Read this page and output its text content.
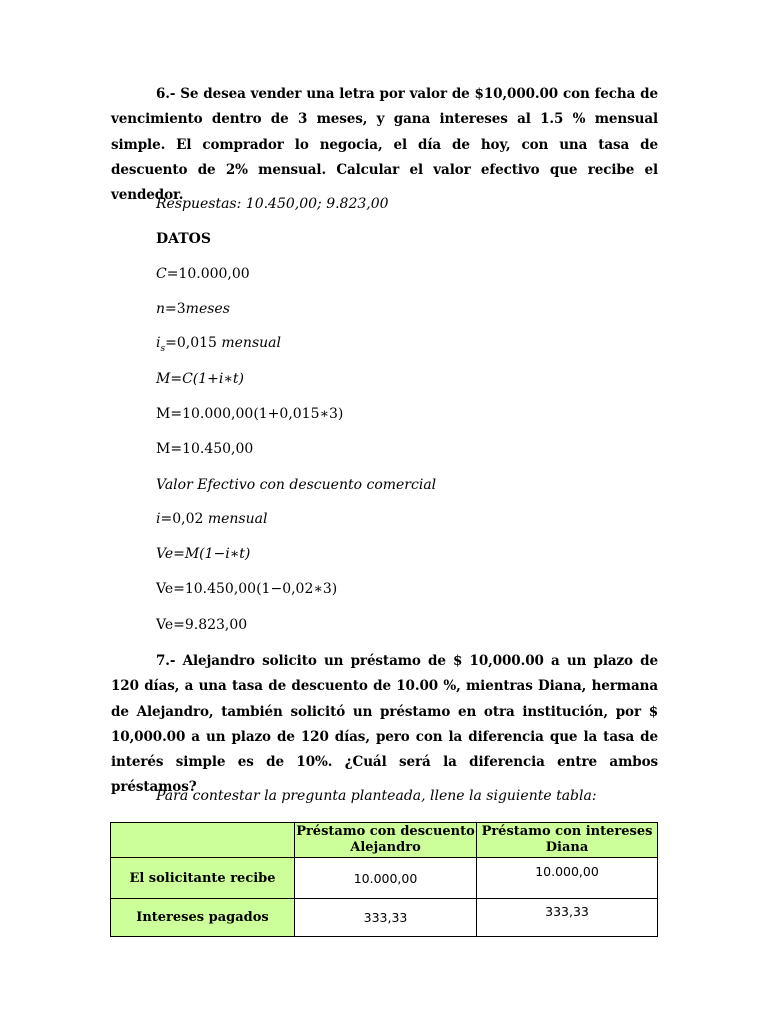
6.- Se desea vender una letra por valor de $10,000.00 con fecha de vencimiento dentro de 3 meses, y gana intereses al 1.5 % mensual simple. El comprador lo negocia, el día de hoy, con una tasa de descuento de 2% mensual. Calcular el valor efectivo que recibe el vendedor.
Respuestas: 10.450,00; 9.823,00
DATOS
C=10.000,00
n=3meses
$i_s=0,015$ mensual
M=C(1+i∗t)
M=10.000,00(1+0,015∗3)
M=10.450,00
Valor Efectivo con descuento comercial
i=0,02 mensual
Ve=M(1−i∗t)
Ve=10.450,00(1−0,02∗3)
Ve=9.823,00
7.- Alejandro solicito un préstamo de $ 10,000.00 a un plazo de 120 días, a una tasa de descuento de 10.00 %, mientras Diana, hermana de Alejandro, también solicitó un préstamo en otra institución, por $ 10,000.00 a un plazo de 120 días, pero con la diferencia que la tasa de interés simple es de 10%. ¿Cuál será la diferencia entre ambos préstamos?
Para contestar la pregunta planteada, llene la siguiente tabla:
	Préstamo con descuento Alejandro	Préstamo con intereses Diana
El solicitante recibe	10.000,00	10.000,00
Intereses pagados	333,33	333,33
